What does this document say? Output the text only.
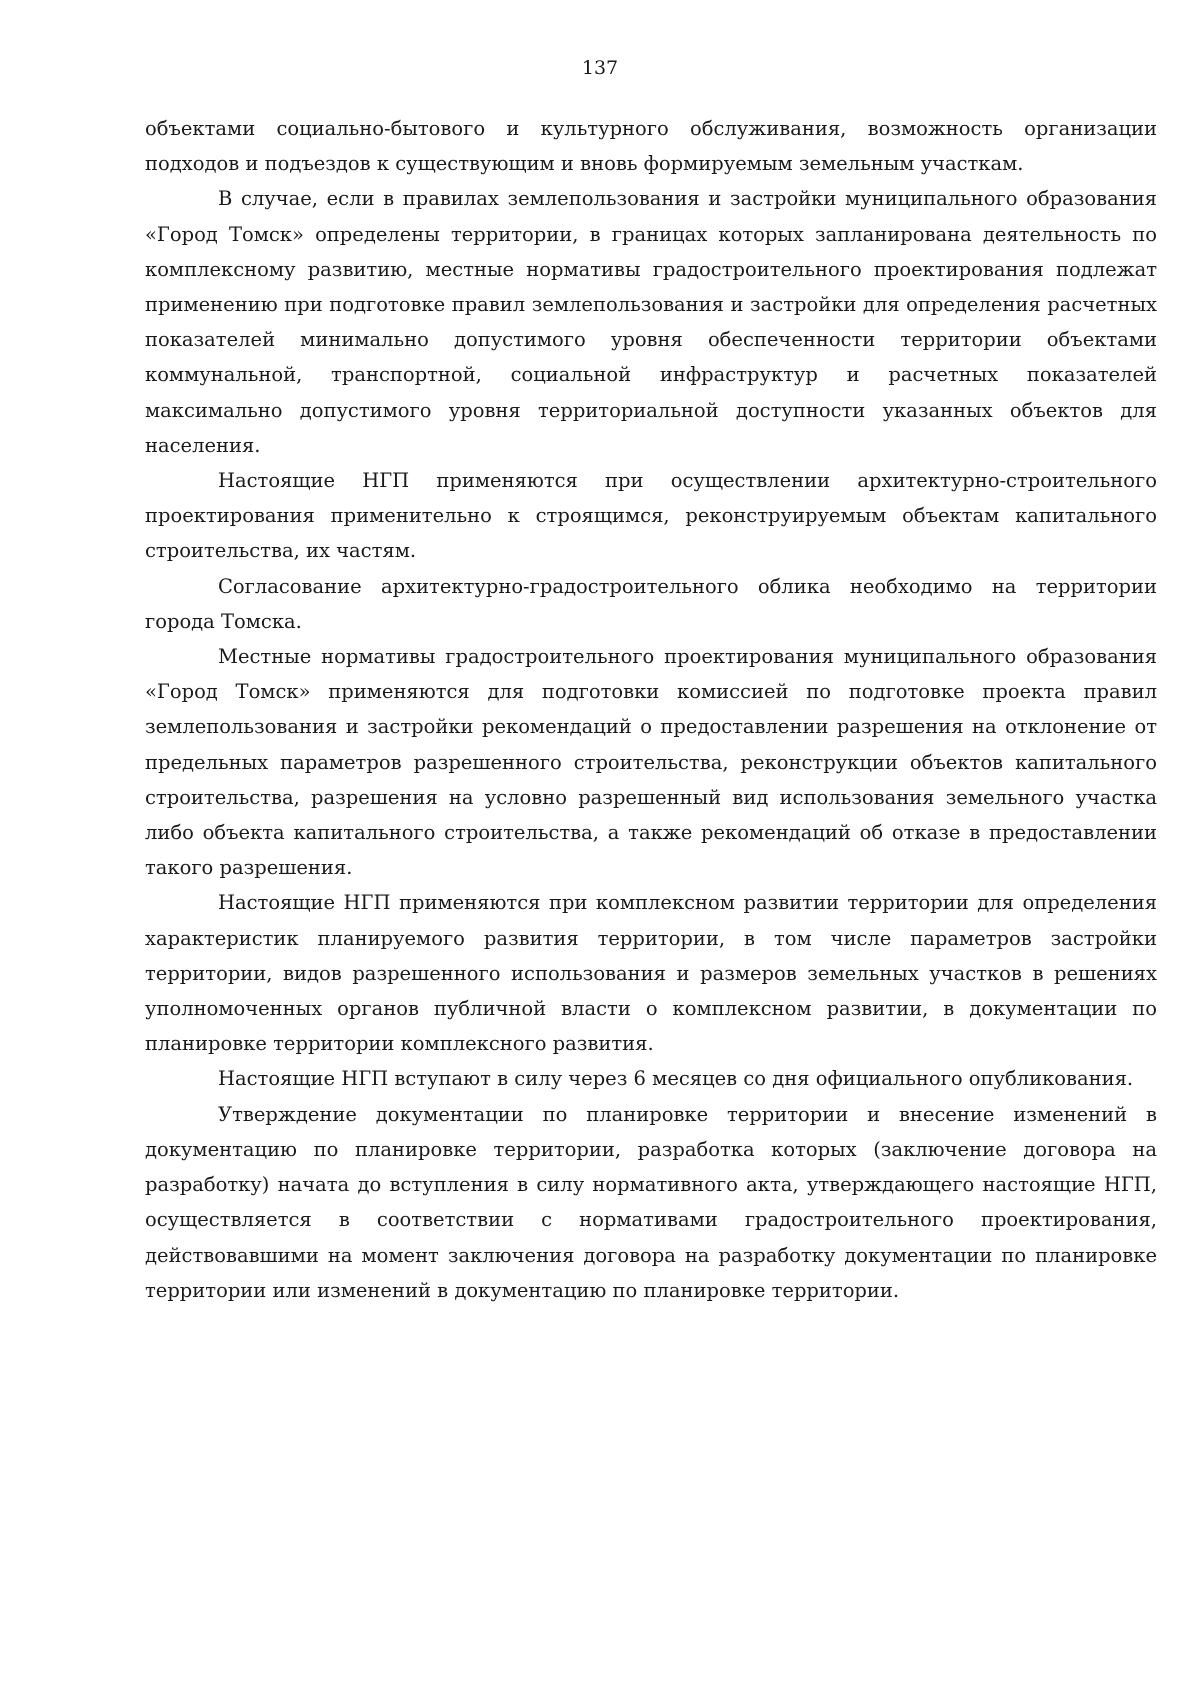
137

объектами социально-бытового и культурного обслуживания, возможность организации подходов и подъездов к существующим и вновь формируемым земельным участкам.

В случае, если в правилах землепользования и застройки муниципального образования «Город Томск» определены территории, в границах которых запланирована деятельность по комплексному развитию, местные нормативы градостроительного проектирования подлежат применению при подготовке правил землепользования и застройки для определения расчетных показателей минимально допустимого уровня обеспеченности территории объектами коммунальной, транспортной, социальной инфраструктур и расчетных показателей максимально допустимого уровня территориальной доступности указанных объектов для населения.

Настоящие НГП применяются при осуществлении архитектурно-строительного проектирования применительно к строящимся, реконструируемым объектам капитального строительства, их частям.

Согласование архитектурно-градостроительного облика необходимо на территории города Томска.

Местные нормативы градостроительного проектирования муниципального образования «Город Томск» применяются для подготовки комиссией по подготовке проекта правил землепользования и застройки рекомендаций о предоставлении разрешения на отклонение от предельных параметров разрешенного строительства, реконструкции объектов капитального строительства, разрешения на условно разрешенный вид использования земельного участка либо объекта капитального строительства, а также рекомендаций об отказе в предоставлении такого разрешения.

Настоящие НГП применяются при комплексном развитии территории для определения характеристик планируемого развития территории, в том числе параметров застройки территории, видов разрешенного использования и размеров земельных участков в решениях уполномоченных органов публичной власти о комплексном развитии, в документации по планировке территории комплексного развития.

Настоящие НГП вступают в силу через 6 месяцев со дня официального опубликования.

Утверждение документации по планировке территории и внесение изменений в документацию по планировке территории, разработка которых (заключение договора на разработку) начата до вступления в силу нормативного акта, утверждающего настоящие НГП, осуществляется в соответствии с нормативами градостроительного проектирования, действовавшими на момент заключения договора на разработку документации по планировке территории или изменений в документацию по планировке территории.
